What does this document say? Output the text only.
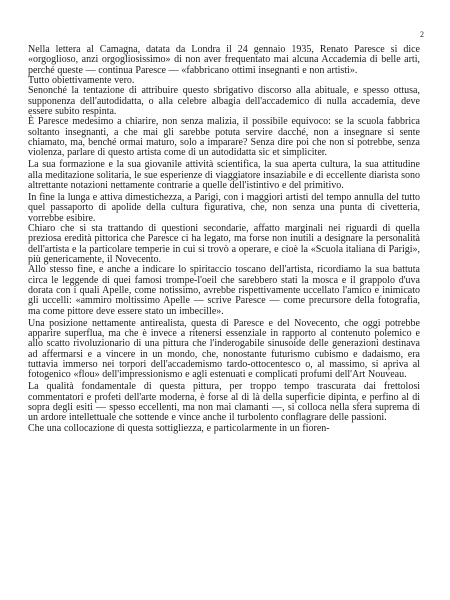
2

Nella lettera al Camagna, datata da Londra il 24 gennaio 1935, Renato Paresce si dice «orgoglioso, anzi orgogliosissimo» di non aver frequentato mai alcuna Accademia di belle arti, perché queste — continua Paresce — «fabbricano ottimi insegnanti e non artisti».

Tutto obiettivamente vero.

Senonché la tentazione di attribuire questo sbrigativo discorso alla abituale, e spesso ottusa, supponenza dell'autodidatta, o alla celebre albagia dell'accademico di nulla accademia, deve essere subito respinta.

È Paresce medesimo a chiarire, non senza malizia, il possibile equivoco: se la scuola fabbrica soltanto insegnanti, a che mai gli sarebbe potuta servire dacché, non a insegnare si sente chiamato, ma, benché ormai maturo, solo a imparare? Senza dire poi che non si potrebbe, senza violenza, parlare di questo artista come di un autodidatta sic et simpliciter.

La sua formazione e la sua giovanile attività scientifica, la sua aperta cultura, la sua attitudine alla meditazione solitaria, le sue esperienze di viaggiatore insaziabile e di eccellente diarista sono altrettante notazioni nettamente contrarie a quelle dell'istintivo e del primitivo.

In fine la lunga e attiva dimestichezza, a Parigi, con i maggiori artisti del tempo annulla del tutto quel passaporto di apolide della cultura figurativa, che, non senza una punta di civetteria, vorrebbe esibire.

Chiaro che si sta trattando di questioni secondarie, affatto marginali nei riguardi di quella preziosa eredità pittorica che Paresce ci ha legato, ma forse non inutili a designare la personalità dell'artista e la particolare temperie in cui si trovò a operare, e cioè la «Scuola italiana di Parigi», più genericamente, il Novecento.

Allo stesso fine, e anche a indicare lo spiritaccio toscano dell'artista, ricordiamo la sua battuta circa le leggende di quei famosi trompe-l'oeil che sarebbero stati la mosca e il grappolo d'uva dorata con i quali Apelle, come notissimo, avrebbe rispettivamente uccellato l'amico e inimicato gli uccelli: «ammiro moltissimo Apelle — scrive Paresce — come precursore della fotografia, ma come pittore deve essere stato un imbecille».

Una posizione nettamente antirealista, questa di Paresce e del Novecento, che oggi potrebbe apparire superflua, ma che è invece a ritenersi essenziale in rapporto al contenuto polemico e allo scatto rivoluzionario di una pittura che l'inderogabile sinusoide delle generazioni destinava ad affermarsi e a vincere in un mondo, che, nonostante futurismo cubismo e dadaismo, era tuttavia immerso nei torpori dell'accademismo tardo-ottocentesco o, al massimo, si apriva al fotogenico «flou» dell'impressionismo e agli estenuati e complicati profumi dell'Art Nouveau.

La qualità fondamentale di questa pittura, per troppo tempo trascurata dai frettolosi commentatori e profeti dell'arte moderna, è forse al di là della superficie dipinta, e perfino al di sopra degli esiti — spesso eccellenti, ma non mai clamanti —, si colloca nella sfera suprema di un ardore intellettuale che sottende e vince anche il turbolento conflagrare delle passioni.

Che una collocazione di questa sottigliezza, e particolarmente in un fioren-
